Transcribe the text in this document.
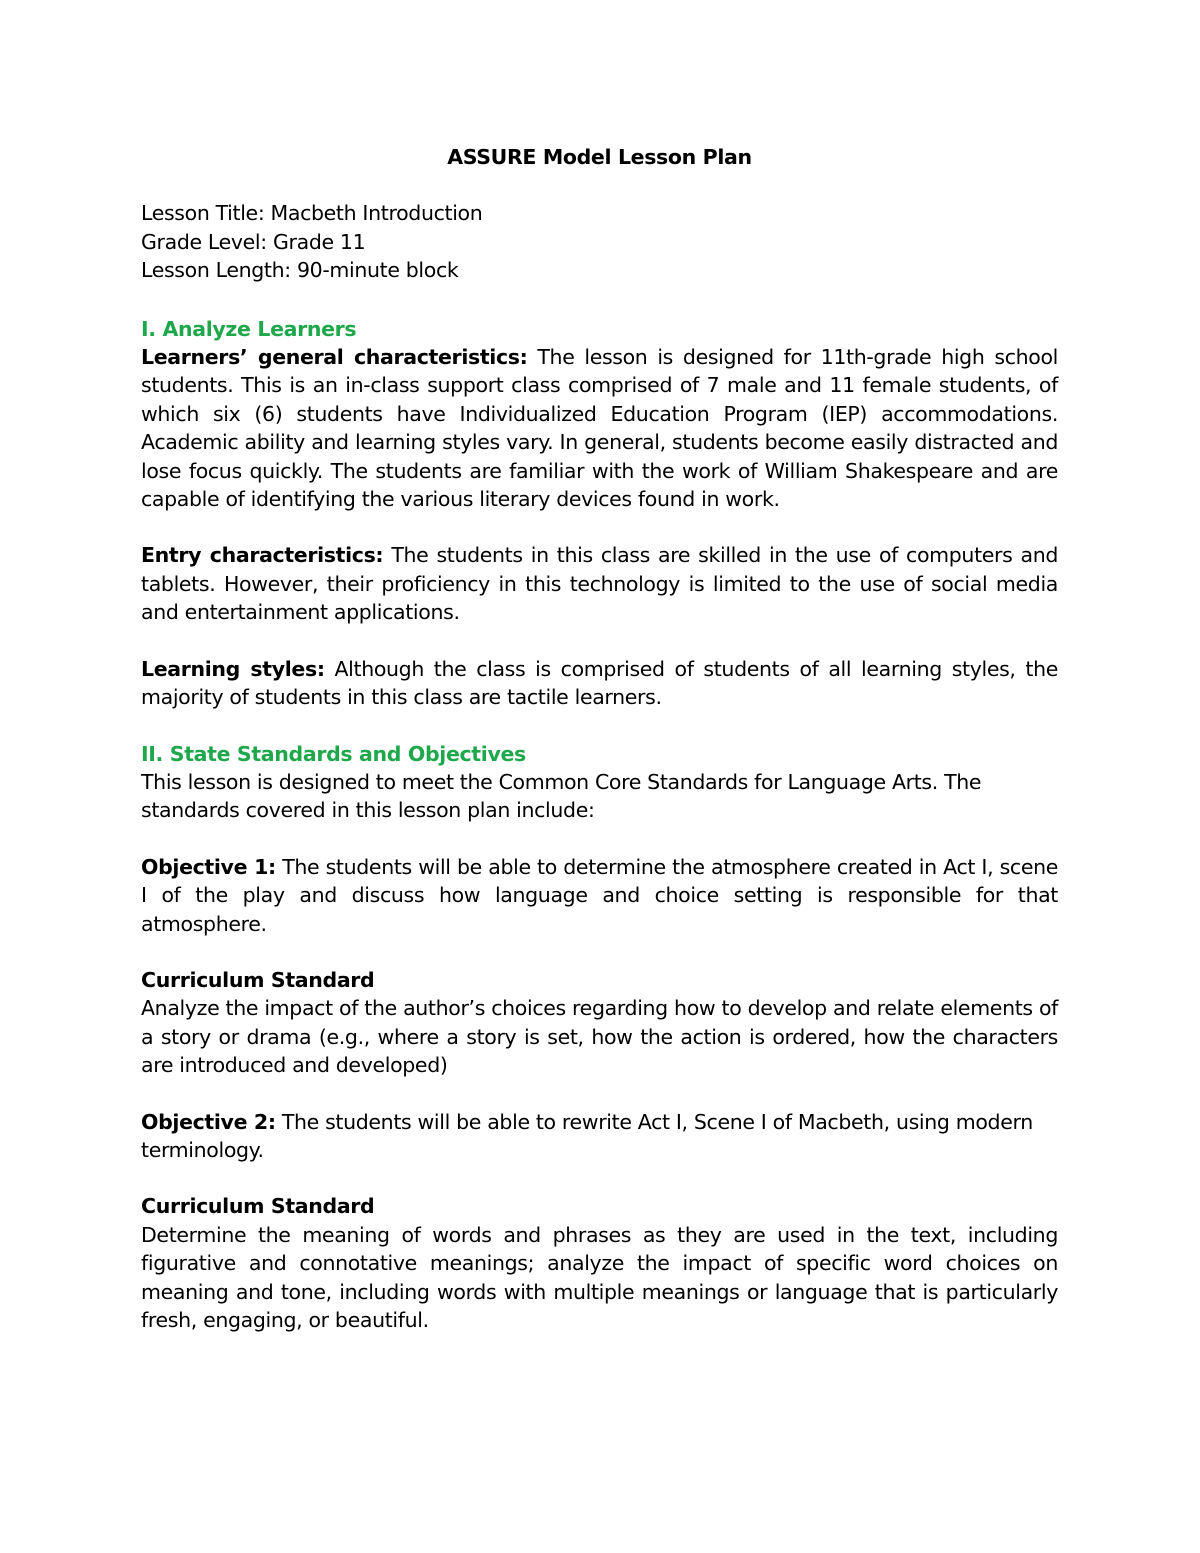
ASSURE Model Lesson Plan
Lesson Title: Macbeth Introduction
Grade Level: Grade 11
Lesson Length: 90-minute block
I. Analyze Learners
Learners’ general characteristics: The lesson is designed for 11th-grade high school students. This is an in-class support class comprised of 7 male and 11 female students, of which six (6) students have Individualized Education Program (IEP) accommodations. Academic ability and learning styles vary. In general, students become easily distracted and lose focus quickly. The students are familiar with the work of William Shakespeare and are capable of identifying the various literary devices found in work.
Entry characteristics: The students in this class are skilled in the use of computers and tablets. However, their proficiency in this technology is limited to the use of social media and entertainment applications.
Learning styles: Although the class is comprised of students of all learning styles, the majority of students in this class are tactile learners.
II. State Standards and Objectives
This lesson is designed to meet the Common Core Standards for Language Arts. The standards covered in this lesson plan include:
Objective 1: The students will be able to determine the atmosphere created in Act I, scene I of the play and discuss how language and choice setting is responsible for that atmosphere.
Curriculum Standard
Analyze the impact of the author’s choices regarding how to develop and relate elements of a story or drama (e.g., where a story is set, how the action is ordered, how the characters are introduced and developed)
Objective 2: The students will be able to rewrite Act I, Scene I of Macbeth, using modern terminology.
Curriculum Standard
Determine the meaning of words and phrases as they are used in the text, including figurative and connotative meanings; analyze the impact of specific word choices on meaning and tone, including words with multiple meanings or language that is particularly fresh, engaging, or beautiful.
